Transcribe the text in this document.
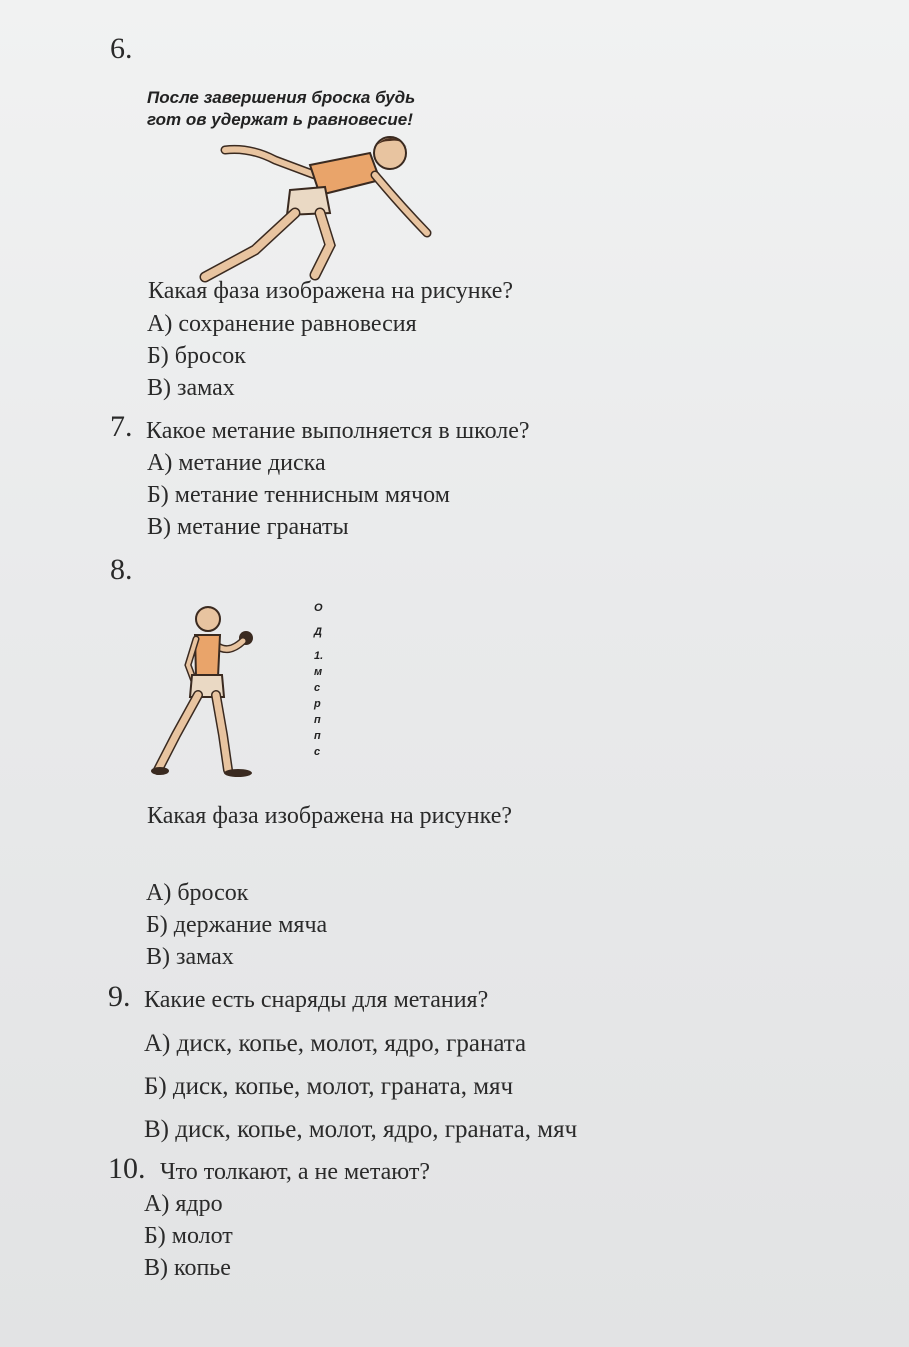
6.
После завершения броска будь
гот ов удержат ь равновесие!
Какая фаза изображена на рисунке?
А) сохранение равновесия
Б) бросок
В) замах
7. Какое метание выполняется в школе?
А) метание диска
Б) метание теннисным мячом
В) метание гранаты
8.
О
Д
1.
м
с
р
п
п
с
Какая фаза изображена на рисунке?
А) бросок
Б) держание мяча
В) замах
9. Какие есть снаряды для метания?
А) диск, копье, молот, ядро, граната
Б) диск, копье, молот, граната, мяч
В) диск, копье, молот, ядро, граната, мяч
10. Что толкают, а не метают?
А) ядро
Б) молот
В) копье
